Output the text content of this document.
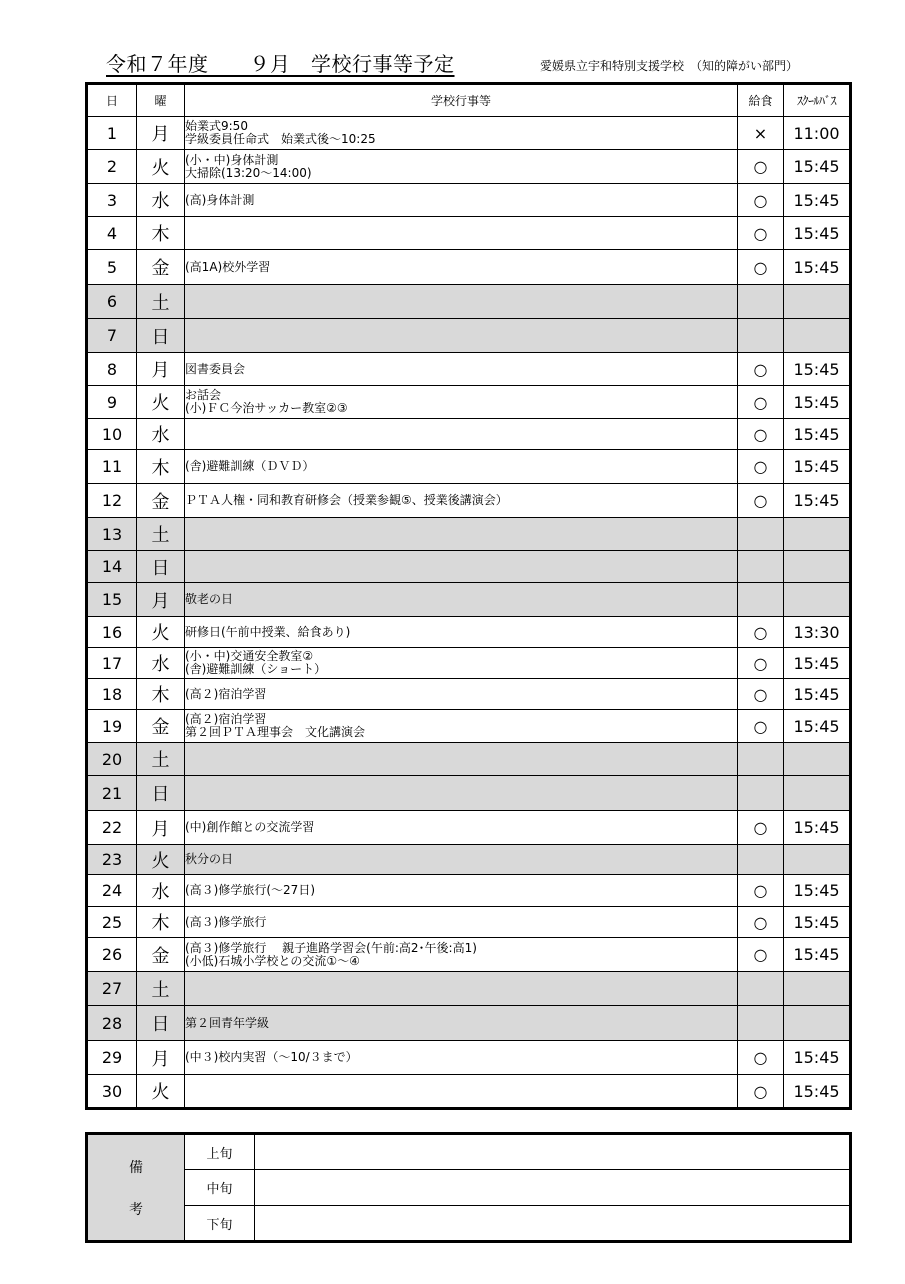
令和７年度　　９月　学校行事等予定	愛媛県立宇和特別支援学校　（知的障がい部門）
日	曜	学校行事等	給食	ｽｸｰﾙﾊﾞｽ
1	月	始業式9:50
学級委員任命式　始業式後～10:25	×	11:00
2	火	(小・中)身体計測
大掃除(13:20～14:00)	○	15:45
3	水	(高)身体計測	○	15:45
4	木		○	15:45
5	金	(高1A)校外学習	○	15:45
6	土	

7	日	

8	月	図書委員会	○	15:45
9	火	お話会
(小)ＦＣ今治サッカー教室②③	○	15:45
10	水		○	15:45
11	木	(舎)避難訓練（ＤＶＤ）	○	15:45
12	金	ＰＴＡ人権・同和教育研修会（授業参観⑤、授業後講演会）	○	15:45
13	土	

14	日	

15	月	敬老の日		

16	火	研修日(午前中授業、給食あり)	○	13:30
17	水	(小・中)交通安全教室②
(舎)避難訓練（ショート）	○	15:45
18	木	(高２)宿泊学習	○	15:45
19	金	(高２)宿泊学習
第２回ＰＴＡ理事会　文化講演会	○	15:45
20	土	

21	日	

22	月	(中)創作館との交流学習	○	15:45
23	火	秋分の日		

24	水	(高３)修学旅行(～27日)	○	15:45
25	木	(高３)修学旅行	○	15:45
26	金	(高３)修学旅行　 親子進路学習会(午前:高2･午後:高1)
(小低)石城小学校との交流①～④	○	15:45
27	土	

28	日	第２回青年学級		

29	月	(中３)校内実習（～10/３まで）	○	15:45
30	火		○	15:45
備
考	上旬	
	中旬	
	下旬	
